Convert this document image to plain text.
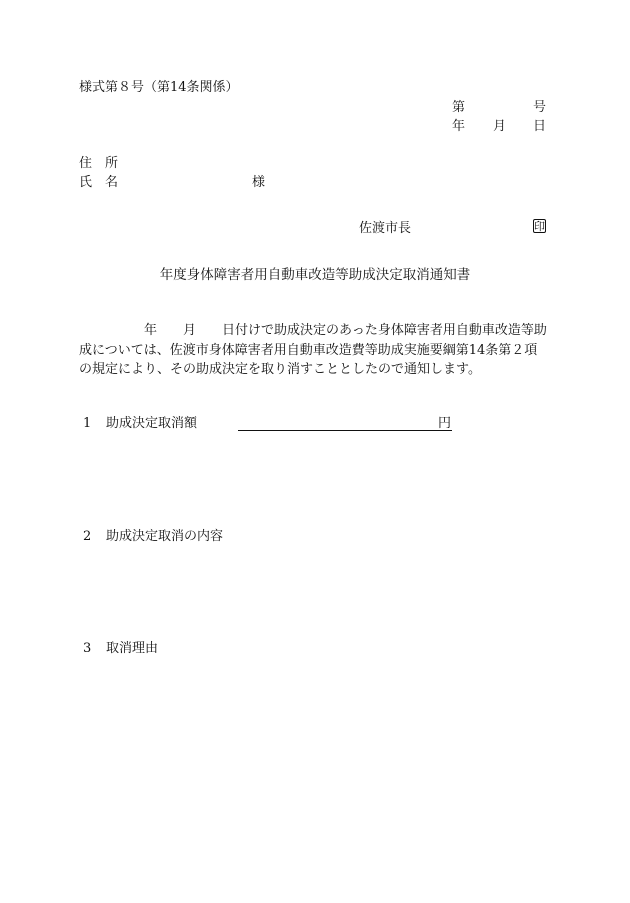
様式第８号（第14条関係）
第	号
年 月 日
住　所
氏　名	様
佐渡市長	印
年度身体障害者用自動車改造等助成決定取消通知書
　　　　　年　　月　　日付けで助成決定のあった身体障害者用自動車改造等助
成については、佐渡市身体障害者用自動車改造費等助成実施要綱第14条第２項
の規定により、その助成決定を取り消すこととしたので通知します。
1 助成決定取消額	円
2 助成決定取消の内容
3 取消理由
